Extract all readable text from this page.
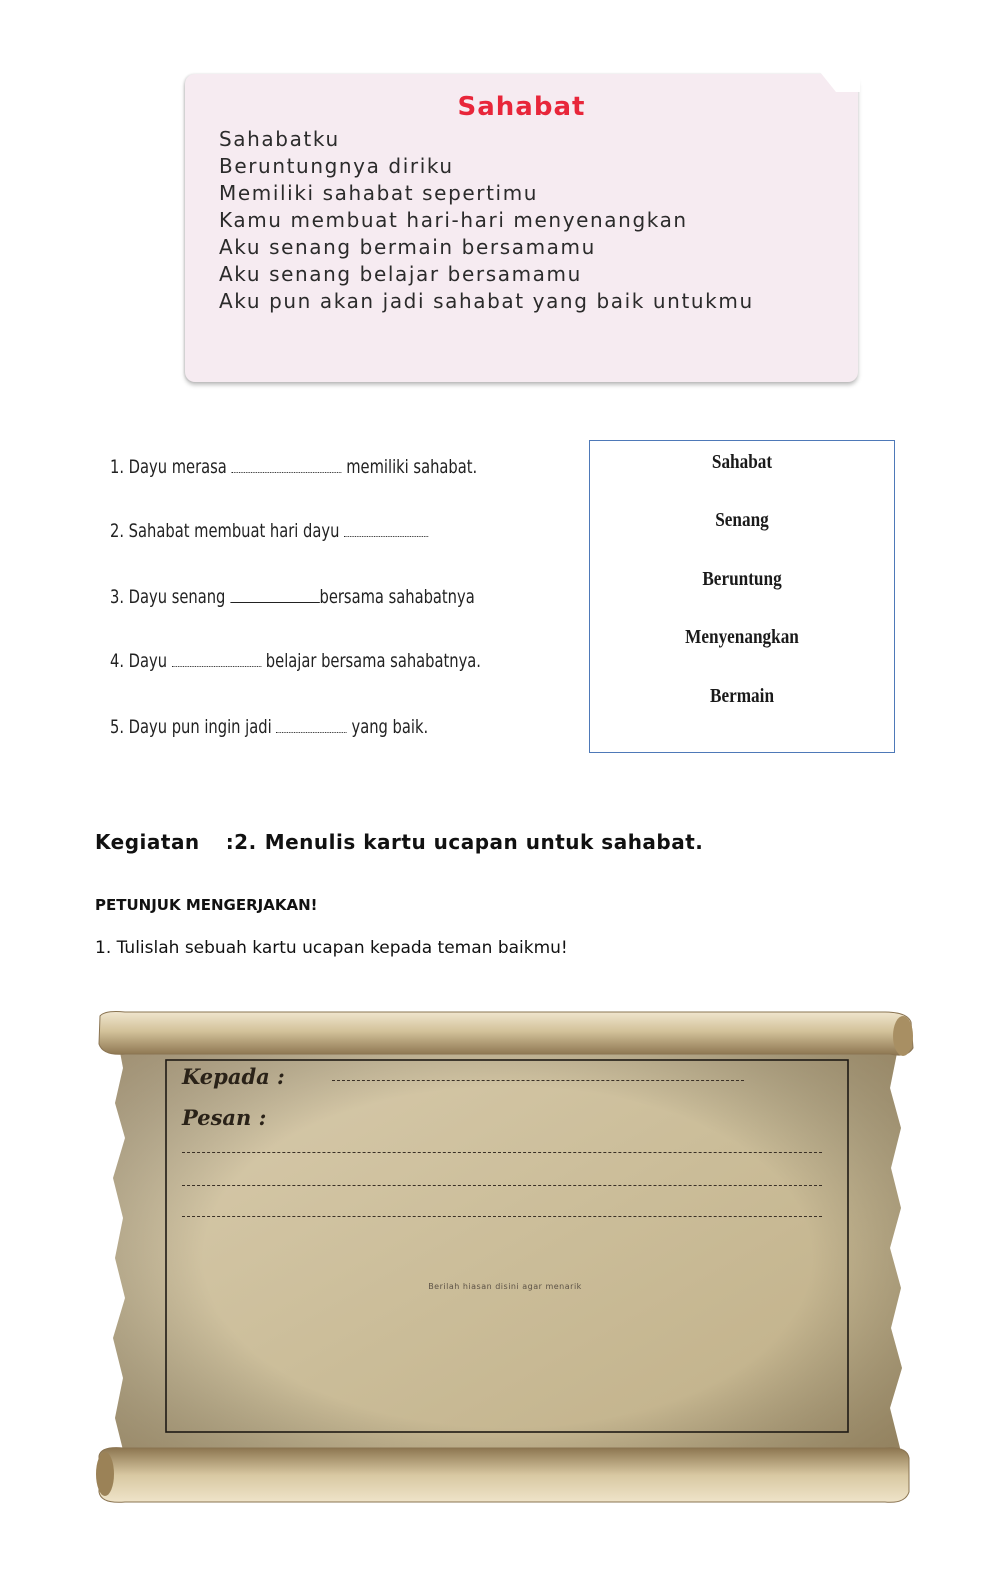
Sahabat
Sahabatku
Beruntungnya diriku
Memiliki sahabat sepertimu
Kamu membuat hari-hari menyenangkan
Aku senang bermain bersamamu
Aku senang belajar bersamamu
Aku pun akan jadi sahabat yang baik untukmu
1. Dayu merasa	memiliki sahabat.
2. Sahabat membuat hari dayu
3. Dayu senang	bersama sahabatnya
4. Dayu	belajar bersama sahabatnya.
5. Dayu pun ingin jadi	yang baik.
Sahabat
Senang
Beruntung
Menyenangkan
Bermain
Kegiatan :2. Menulis kartu ucapan untuk sahabat.
PETUNJUK MENGERJAKAN!
1. Tulislah sebuah kartu ucapan kepada teman baikmu!
Kepada :
Pesan :
Berilah hiasan disini agar menarik
